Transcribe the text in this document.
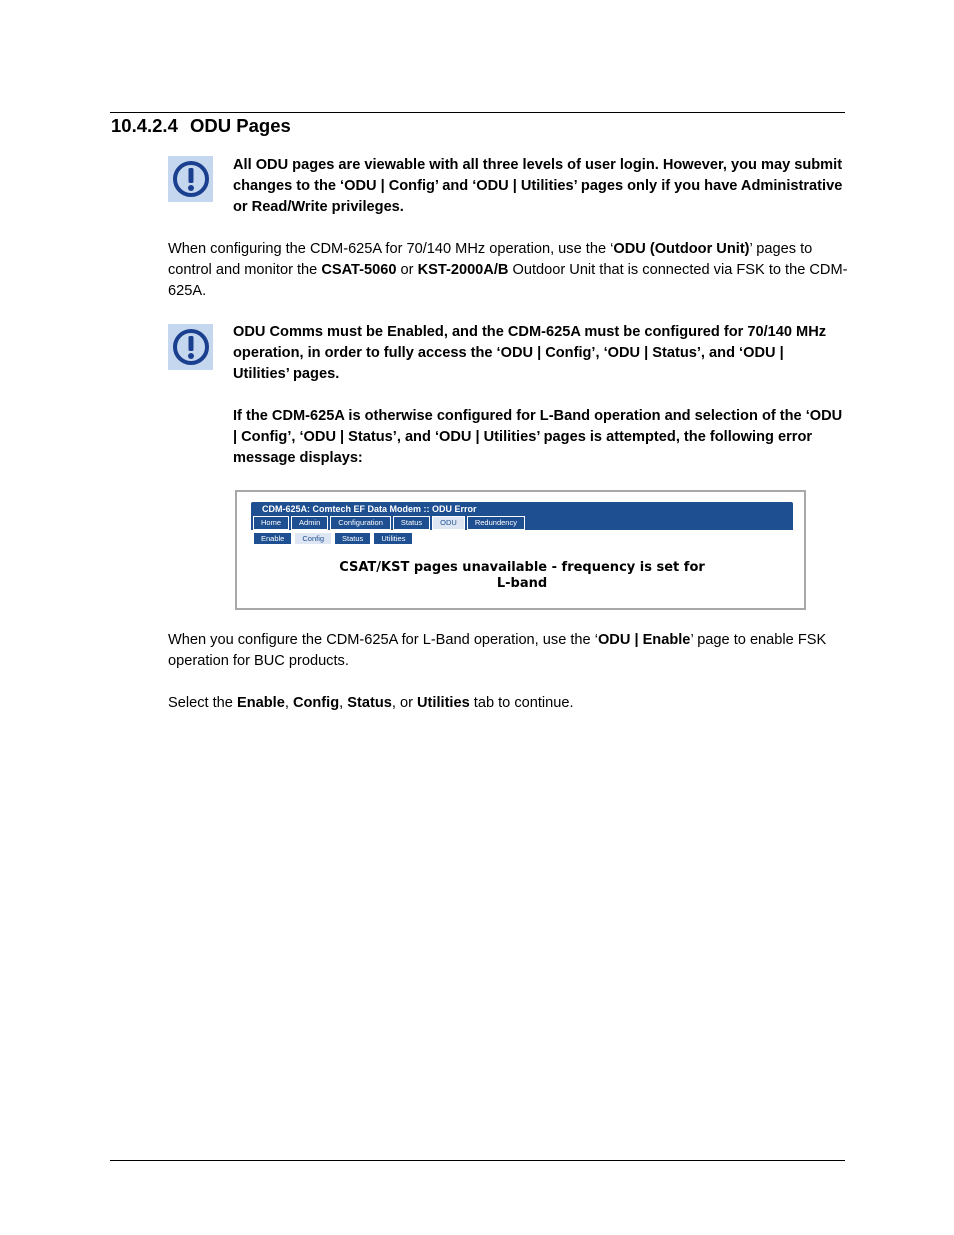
10.4.2.4 ODU Pages

All ODU pages are viewable with all three levels of user login. However, you may submit changes to the ‘ODU | Config’ and ‘ODU | Utilities’ pages only if you have Administrative or Read/Write privileges.

When configuring the CDM-625A for 70/140 MHz operation, use the ‘ODU (Outdoor Unit)’ pages to control and monitor the CSAT-5060 or KST-2000A/B Outdoor Unit that is connected via FSK to the CDM-625A.

ODU Comms must be Enabled, and the CDM-625A must be configured for 70/140 MHz operation, in order to fully access the ‘ODU | Config’, ‘ODU | Status’, and ‘ODU | Utilities’ pages.

If the CDM-625A is otherwise configured for L-Band operation and selection of the ‘ODU | Config’, ‘ODU | Status’, and ‘ODU | Utilities’ pages is attempted, the following error message displays:

CDM-625A: Comtech EF Data Modem :: ODU Error
Home	Admin	Configuration	Status	ODU	Redundency
Enable	Config	Status	Utilities
CSAT/KST pages unavailable - frequency is set for
L-band
When you configure the CDM-625A for L-Band operation, use the ‘ODU | Enable’ page to enable FSK operation for BUC products.
Select the Enable, Config, Status, or Utilities tab to continue.
